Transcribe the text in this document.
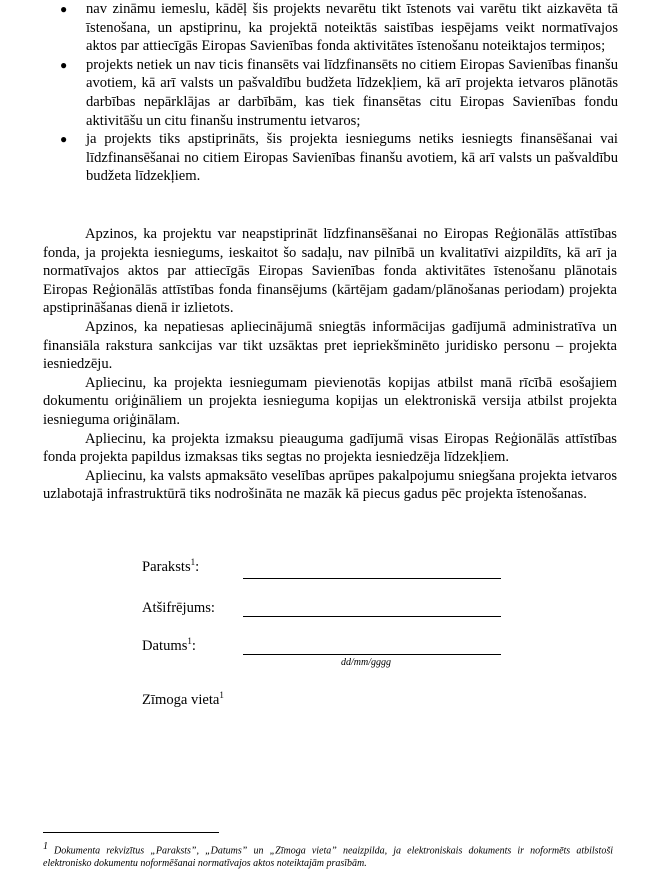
● nav zināmu iemeslu, kādēļ šis projekts nevarētu tikt īstenots vai varētu tikt aizkavēta tā īstenošana, un apstiprinu, ka projektā noteiktās saistības iespējams veikt normatīvajos aktos par attiecīgās Eiropas Savienības fonda aktivitātes īstenošanu noteiktajos termiņos;
● projekts netiek un nav ticis finansēts vai līdzfinansēts no citiem Eiropas Savienības finanšu avotiem, kā arī valsts un pašvaldību budžeta līdzekļiem, kā arī projekta ietvaros plānotās darbības nepārklājas ar darbībām, kas tiek finansētas citu Eiropas Savienības fondu aktivitāšu un citu finanšu instrumentu ietvaros;
● ja projekts tiks apstiprināts, šis projekta iesniegums netiks iesniegts finansēšanai vai līdzfinansēšanai no citiem Eiropas Savienības finanšu avotiem, kā arī valsts un pašvaldību budžeta līdzekļiem.

Apzinos, ka projektu var neapstiprināt līdzfinansēšanai no Eiropas Reģionālās attīstības fonda, ja projekta iesniegums, ieskaitot šo sadaļu, nav pilnībā un kvalitatīvi aizpildīts, kā arī ja normatīvajos aktos par attiecīgās Eiropas Savienības fonda aktivitātes īstenošanu plānotais Eiropas Reģionālās attīstības fonda finansējums (kārtējam gadam/plānošanas periodam) projekta apstiprināšanas dienā ir izlietots.

Apzinos, ka nepatiesas apliecinājumā sniegtās informācijas gadījumā administratīva un finansiāla rakstura sankcijas var tikt uzsāktas pret iepriekšminēto juridisko personu – projekta iesniedzēju.

Apliecinu, ka projekta iesniegumam pievienotās kopijas atbilst manā rīcībā esošajiem dokumentu oriģināliem un projekta iesnieguma kopijas un elektroniskā versija atbilst projekta iesnieguma oriģinālam.

Apliecinu, ka projekta izmaksu pieauguma gadījumā visas Eiropas Reģionālās attīstības fonda projekta papildus izmaksas tiks segtas no projekta iesniedzēja līdzekļiem.

Apliecinu, ka valsts apmaksāto veselības aprūpes pakalpojumu sniegšana projekta ietvaros uzlabotajā infrastruktūrā tiks nodrošināta ne mazāk kā piecus gadus pēc projekta īstenošanas.

Paraksts$^1$:
Atšifrējums:
Datums$^1$:
dd/mm/gggg
Zīmoga vieta$^1$
$^1$ Dokumenta rekvizītus „Paraksts”, „Datums” un „Zīmoga vieta” neaizpilda, ja elektroniskais dokuments ir noformēts atbilstoši elektronisko dokumentu noformēšanai normatīvajos aktos noteiktajām prasībām.
